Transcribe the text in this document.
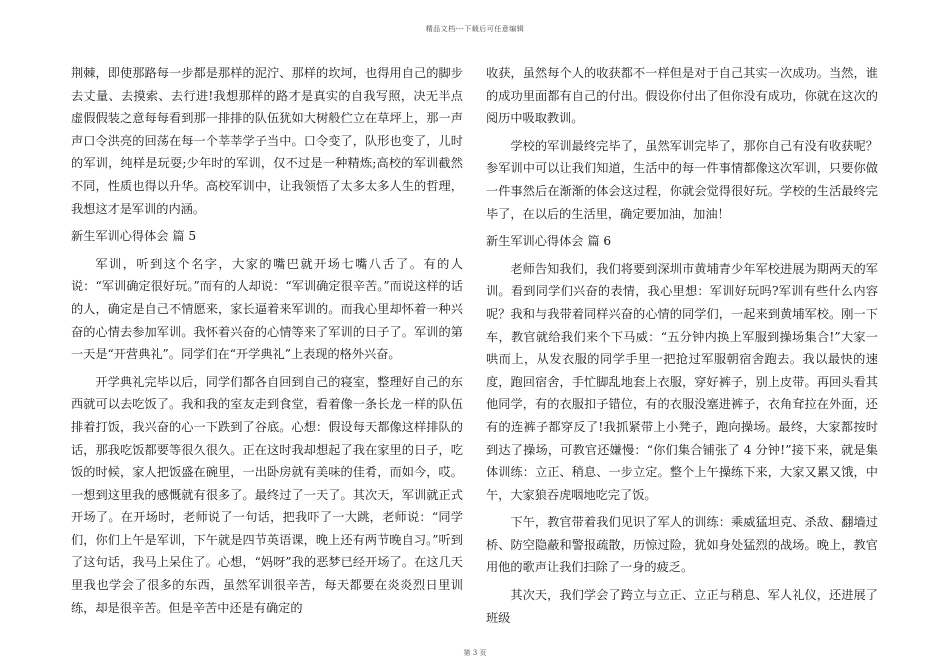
精品文档---下载后可任意编辑

荆棘，即使那路每一步都是那样的泥泞、那样的坎坷，也得用自己的脚步去丈量、去摸索、去行进!我想那样的路才是真实的自我写照，决无半点虚假假装之意每每看到那一排排的队伍犹如大树般伫立在草坪上，那一声声口令洪亮的回荡在每一个莘莘学子当中。口令变了，队形也变了，儿时的军训，纯样是玩耍;少年时的军训，仅不过是一种精炼;高校的军训截然不同，性质也得以升华。高校军训中，让我领悟了太多太多人生的哲理，我想这才是军训的内涵。

新生军训心得体会 篇 5

军训，听到这个名字，大家的嘴巴就开场七嘴八舌了。有的人说：“军训确定很好玩。”而有的人却说：“军训确定很辛苦。”而说这样的话的人，确定是自己不情愿来，家长逼着来军训的。而我心里却怀着一种兴奋的心情去参加军训。我怀着兴奋的心情等来了军训的日子了。军训的第一天是“开营典礼”。同学们在“开学典礼”上表现的格外兴奋。

开学典礼完毕以后，同学们都各自回到自己的寝室，整理好自己的东西就可以去吃饭了。我和我的室友走到食堂，看着像一条长龙一样的队伍排着打饭，我兴奋的心一下跌到了谷底。心想：假设每天都像这样排队的话，那我吃饭都要等很久很久。正在这时我却想起了我在家里的日子，吃饭的时候，家人把饭盛在碗里，一出卧房就有美味的佳肴，而如今，哎。一想到这里我的感慨就有很多了。最终过了一天了。其次天，军训就正式开场了。在开场时，老师说了一句话，把我吓了一大跳，老师说：“同学们，你们上午是军训，下午就是四节英语课，晚上还有两节晚自习。”听到了这句话，我马上呆住了。心想，“妈呀”我的恶梦已经开场了。在这几天里我也学会了很多的东西，虽然军训很辛苦，每天都要在炎炎烈日里训练，却是很辛苦。但是辛苦中还是有确定的

收获，虽然每个人的收获都不一样但是对于自己其实一次成功。当然，谁的成功里面都有自己的付出。假设你付出了但你没有成功，你就在这次的阅历中吸取教训。

学校的军训最终完毕了，虽然军训完毕了，那你自己有没有收获呢？参军训中可以让我们知道，生活中的每一件事情都像这次军训，只要你做一件事然后在渐渐的体会这过程，你就会觉得很好玩。学校的生活最终完毕了，在以后的生活里，确定要加油，加油！

新生军训心得体会 篇 6

老师告知我们，我们将要到深圳市黄埔青少年军校进展为期两天的军训。看到同学们兴奋的表情，我心里想：军训好玩吗?军训有些什么内容呢？我和与我带着同样兴奋的心情的同学们，一起来到黄埔军校。刚一下车，教官就给我们来个下马威：“五分钟内换上军服到操场集合!”大家一哄而上，从发衣服的同学手里一把抢过军服朝宿舍跑去。我以最快的速度，跑回宿舍，手忙脚乱地套上衣服，穿好裤子，别上皮带。再回头看其他同学，有的衣服扣子错位，有的衣服没塞进裤子，衣角耷拉在外面，还有的连裤子都穿反了!我抓紧带上小凳子，跑向操场。最终，大家都按时到达了操场，可教官还嫌慢：“你们集合铺张了 4 分钟!”接下来，就是集体训练：立正、稍息、一步立定。整个上午操练下来，大家又累又饿，中午，大家狼吞虎咽地吃完了饭。

下午，教官带着我们见识了军人的训练：乘威猛坦克、杀敌、翻墙过桥、防空隐蔽和警报疏散，历惊过险，犹如身处猛烈的战场。晚上，教官用他的歌声让我们扫除了一身的疲乏。

其次天，我们学会了跨立与立正、立正与稍息、军人礼仪，还进展了班级

第 3 页
